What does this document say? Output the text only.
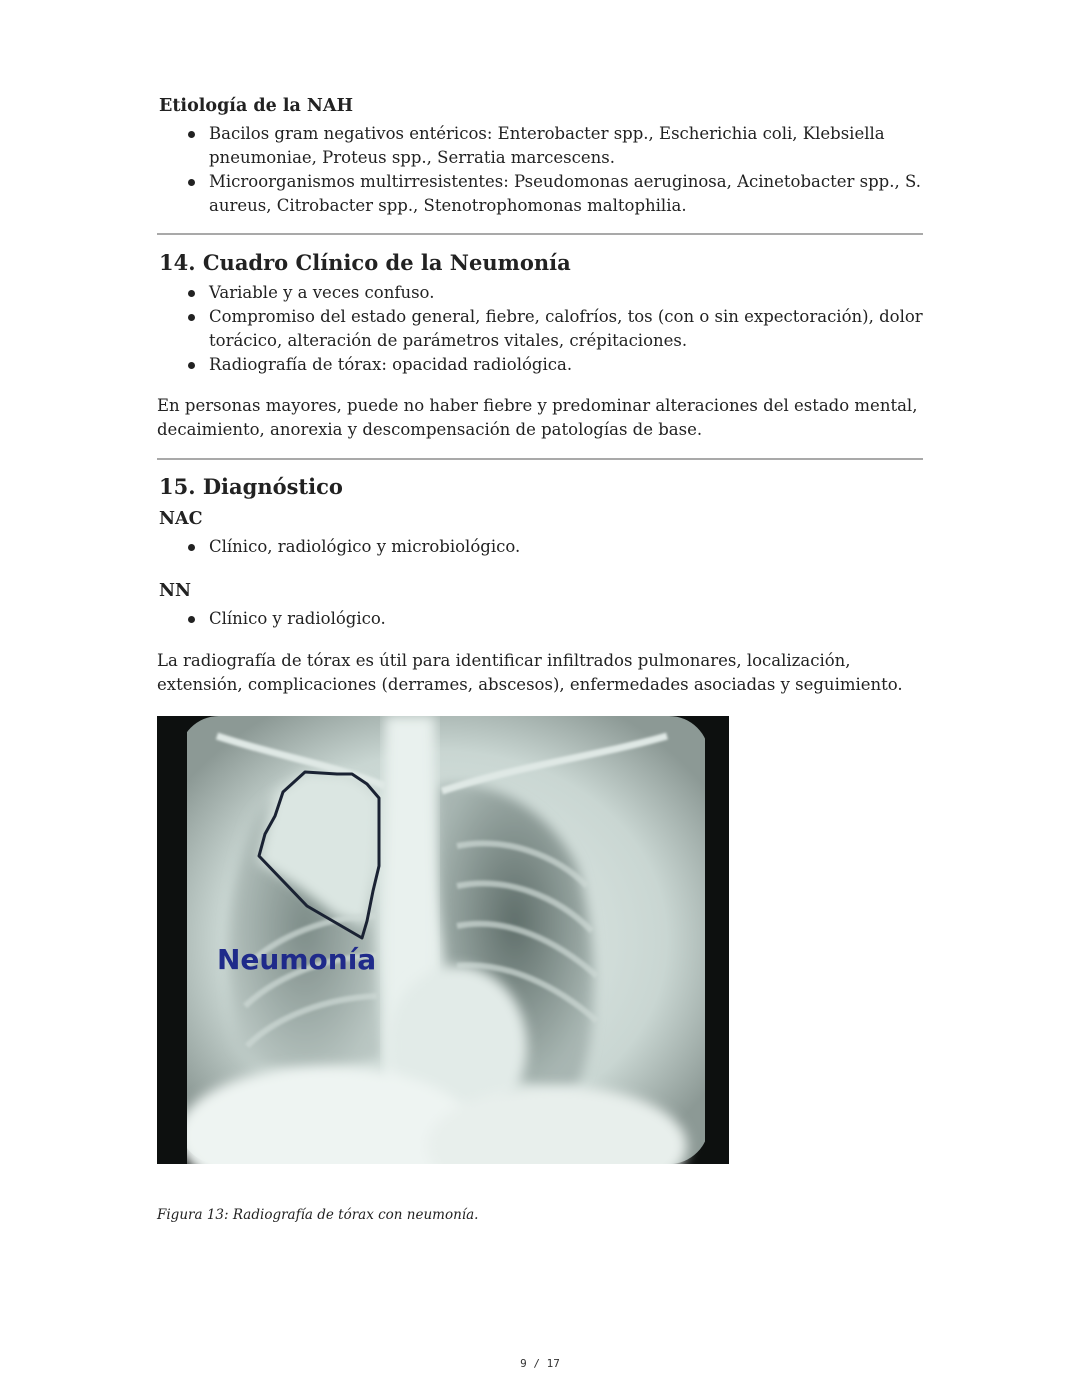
Etiología de la NAH
Bacilos gram negativos entéricos: Enterobacter spp., Escherichia coli, Klebsiella pneumoniae, Proteus spp., Serratia marcescens.
Microorganismos multirresistentes: Pseudomonas aeruginosa, Acinetobacter spp., S. aureus, Citrobacter spp., Stenotrophomonas maltophilia.
14. Cuadro Clínico de la Neumonía
Variable y a veces confuso.
Compromiso del estado general, fiebre, calofríos, tos (con o sin expectoración), dolor torácico, alteración de parámetros vitales, crépitaciones.
Radiografía de tórax: opacidad radiológica.
En personas mayores, puede no haber fiebre y predominar alteraciones del estado mental, decaimiento, anorexia y descompensación de patologías de base.
15. Diagnóstico
NAC
Clínico, radiológico y microbiológico.
NN
Clínico y radiológico.
La radiografía de tórax es útil para identificar infiltrados pulmonares, localización, extensión, complicaciones (derrames, abscesos), enfermedades asociadas y seguimiento.
Neumonía
Figura 13: Radiografía de tórax con neumonía.
9 / 17
